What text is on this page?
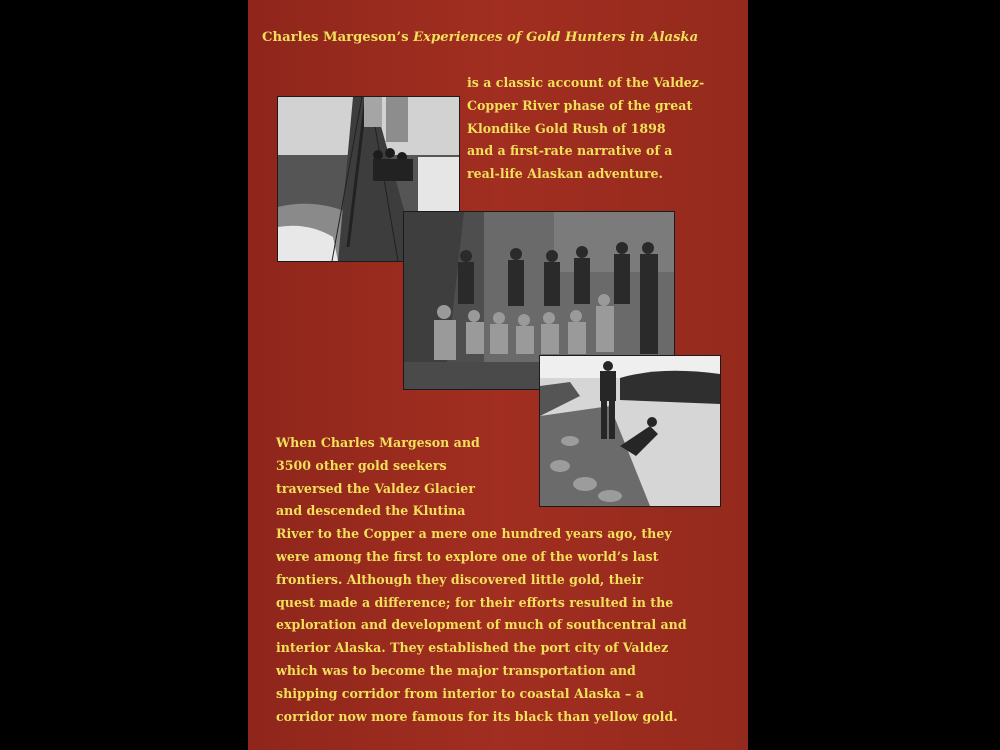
Charles Margeson’s Experiences of Gold Hunters in Alaska
is a classic account of the Valdez-
Copper River phase of the great
Klondike Gold Rush of 1898
and a first-rate narrative of a
real-life Alaskan adventure.
When Charles Margeson and
3500 other gold seekers
traversed the Valdez Glacier
and descended the Klutina
River to the Copper a mere one hundred years ago, they
were among the first to explore one of the world’s last
frontiers. Although they discovered little gold, their
quest made a difference; for their efforts resulted in the
exploration and development of much of southcentral and
interior Alaska. They established the port city of Valdez
which was to become the major transportation and
shipping corridor from interior to coastal Alaska – a
corridor now more famous for its black than yellow gold.
